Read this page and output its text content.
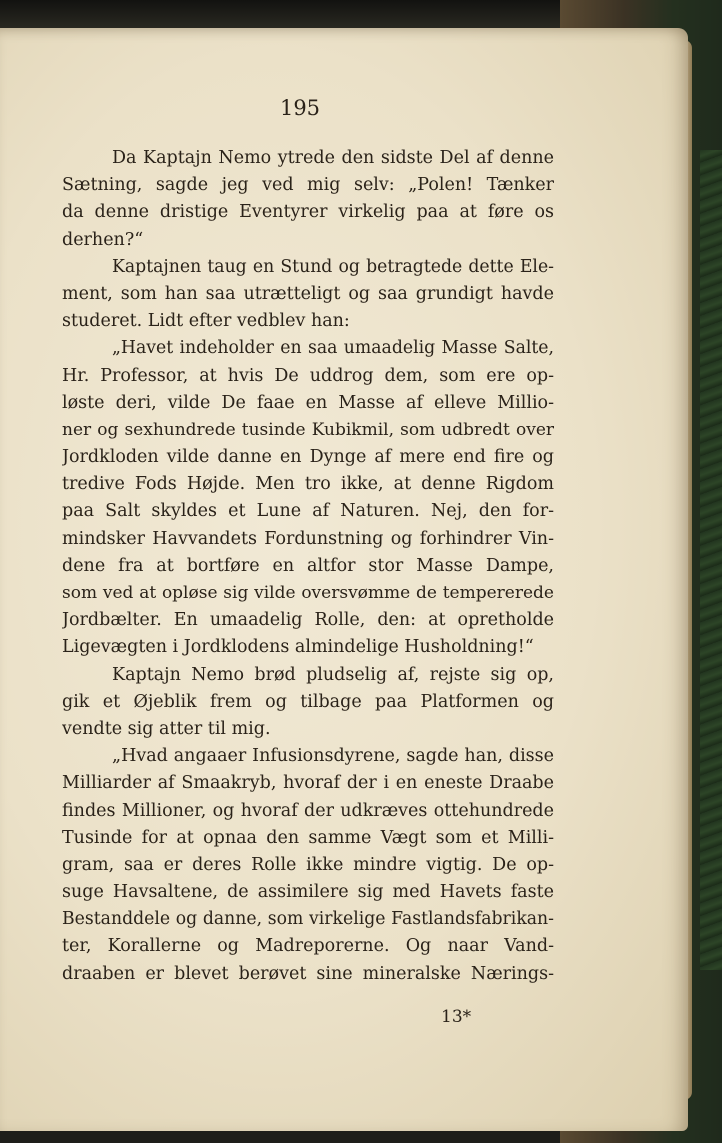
195
Da Kaptajn Nemo ytrede den sidste Del af denne
Sætning, sagde jeg ved mig selv: „Polen! Tænker
da denne dristige Eventyrer virkelig paa at føre os
derhen?“
Kaptajnen taug en Stund og betragtede dette Ele-
ment, som han saa utrætteligt og saa grundigt havde
studeret. Lidt efter vedblev han:
„Havet indeholder en saa umaadelig Masse Salte,
Hr. Professor, at hvis De uddrog dem, som ere op-
løste deri, vilde De faae en Masse af elleve Millio-
ner og sexhundrede tusinde Kubikmil, som udbredt over
Jordkloden vilde danne en Dynge af mere end fire og
tredive Fods Højde. Men tro ikke, at denne Rigdom
paa Salt skyldes et Lune af Naturen. Nej, den for-
mindsker Havvandets Fordunstning og forhindrer Vin-
dene fra at bortføre en altfor stor Masse Dampe,
som ved at opløse sig vilde oversvømme de tempererede
Jordbælter. En umaadelig Rolle, den: at opretholde
Ligevægten i Jordklodens almindelige Husholdning!“
Kaptajn Nemo brød pludselig af, rejste sig op,
gik et Øjeblik frem og tilbage paa Platformen og
vendte sig atter til mig.
„Hvad angaaer Infusionsdyrene, sagde han, disse
Milliarder af Smaakryb, hvoraf der i en eneste Draabe
findes Millioner, og hvoraf der udkræves ottehundrede
Tusinde for at opnaa den samme Vægt som et Milli-
gram, saa er deres Rolle ikke mindre vigtig. De op-
suge Havsaltene, de assimilere sig med Havets faste
Bestanddele og danne, som virkelige Fastlandsfabrikan-
ter, Korallerne og Madreporerne. Og naar Vand-
draaben er blevet berøvet sine mineralske Nærings-
13*
